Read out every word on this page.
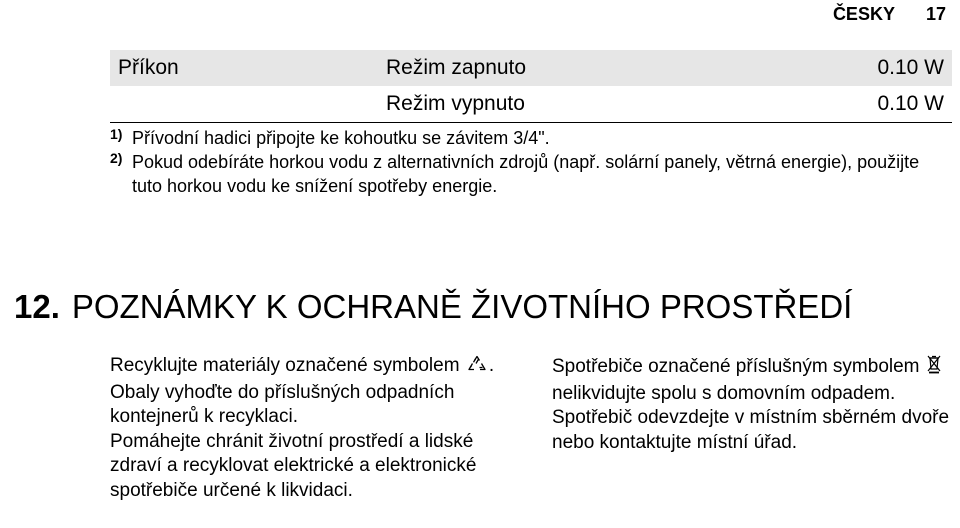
ČESKY 17
Příkon	Režim zapnuto	0.10 W
	Režim vypnuto	0.10 W
1) Přívodní hadici připojte ke kohoutku se závitem 3/4".
2) Pokud odebíráte horkou vodu z alternativních zdrojů (např. solární panely, větrná energie), použijte tuto horkou vodu ke snížení spotřeby energie.
12. POZNÁMKY K OCHRANĚ ŽIVOTNÍHO PROSTŘEDÍ
Recyklujte materiály označené symbolem . Obaly vyhoďte do příslušných odpadních kontejnerů k recyklaci.
Pomáhejte chránit životní prostředí a lidské zdraví a recyklovat elektrické a elektronické spotřebiče určené k likvidaci.
Spotřebiče označené příslušným symbolem  nelikvidujte spolu s domovním odpadem.
Spotřebič odevzdejte v místním sběrném dvoře nebo kontaktujte místní úřad.
